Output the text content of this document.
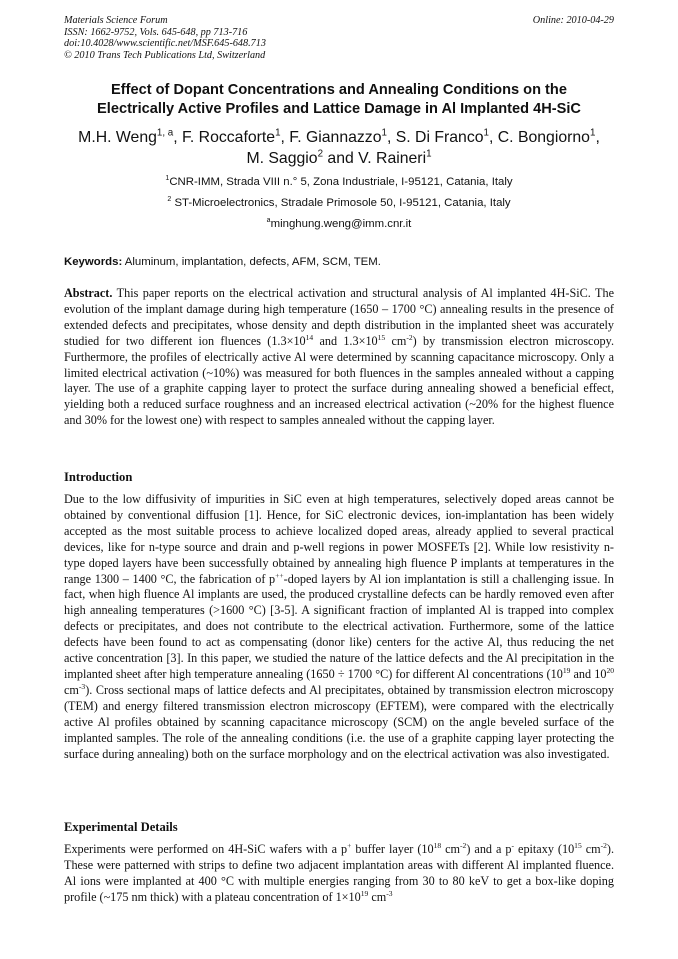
Materials Science Forum
ISSN: 1662-9752, Vols. 645-648, pp 713-716
doi:10.4028/www.scientific.net/MSF.645-648.713
© 2010 Trans Tech Publications Ltd, Switzerland
Online: 2010-04-29
Effect of Dopant Concentrations and Annealing Conditions on the
Electrically Active Profiles and Lattice Damage in Al Implanted 4H-SiC
M.H. Weng$^{1, a}$, F. Roccaforte$^1$, F. Giannazzo$^1$, S. Di Franco$^1$, C. Bongiorno$^1$,
M. Saggio$^2$ and V. Raineri$^1$
$^1$CNR-IMM, Strada VIII n.° 5, Zona Industriale, I-95121, Catania, Italy
$^2$ ST-Microelectronics, Stradale Primosole 50, I-95121, Catania, Italy
$^a$minghung.weng@imm.cnr.it
Keywords: Aluminum, implantation, defects, AFM, SCM, TEM.
Abstract. This paper reports on the electrical activation and structural analysis of Al implanted 4H-SiC. The evolution of the implant damage during high temperature (1650 – 1700 °C) annealing results in the presence of extended defects and precipitates, whose density and depth distribution in the implanted sheet was accurately studied for two different ion fluences ($1.3\times 10^{14}$ and $1.3\times 10^{15}$ $cm^{-2}$) by transmission electron microscopy. Furthermore, the profiles of electrically active Al were determined by scanning capacitance microscopy. Only a limited electrical activation (~10%) was measured for both fluences in the samples annealed without a capping layer. The use of a graphite capping layer to protect the surface during annealing showed a beneficial effect, yielding both a reduced surface roughness and an increased electrical activation (~20% for the highest fluence and 30% for the lowest one) with respect to samples annealed without the capping layer.
Introduction
Due to the low diffusivity of impurities in SiC even at high temperatures, selectively doped areas cannot be obtained by conventional diffusion [1]. Hence, for SiC electronic devices, ion-implantation has been widely accepted as the most suitable process to achieve localized doped areas, already applied to several practical devices, like for n-type source and drain and p-well regions in power MOSFETs [2]. While low resistivity n-type doped layers have been successfully obtained by annealing high fluence P implants at temperatures in the range 1300 – 1400 °C, the fabrication of p++-doped layers by Al ion implantation is still a challenging issue. In fact, when high fluence Al implants are used, the produced crystalline defects can be hardly removed even after high annealing temperatures (>1600 °C) [3-5]. A significant fraction of implanted Al is trapped into complex defects or precipitates, and does not contribute to the electrical activation. Furthermore, some of the lattice defects have been found to act as compensating (donor like) centers for the active Al, thus reducing the net active concentration [3]. In this paper, we studied the nature of the lattice defects and the Al precipitation in the implanted sheet after high temperature annealing (1650 ÷ 1700 °C) for different Al concentrations ($10^{19}$ and $10^{20}$ $cm^{-3}$). Cross sectional maps of lattice defects and Al precipitates, obtained by transmission electron microscopy (TEM) and energy filtered transmission electron microscopy (EFTEM), were compared with the electrically active Al profiles obtained by scanning capacitance microscopy (SCM) on the angle beveled surface of the implanted samples. The role of the annealing conditions (i.e. the use of a graphite capping layer protecting the surface during annealing) both on the surface morphology and on the electrical activation was also investigated.
Experimental Details
Experiments were performed on 4H-SiC wafers with a p+ buffer layer ($10^{18}$ $cm^{-2}$) and a p- epitaxy ($10^{15}$ $cm^{-2}$). These were patterned with strips to define two adjacent implantation areas with different Al implanted fluence. Al ions were implanted at 400 °C with multiple energies ranging from 30 to 80 keV to get a box-like doping profile (~175 nm thick) with a plateau concentration of $1\times 10^{19}$ $cm^{-3}$
